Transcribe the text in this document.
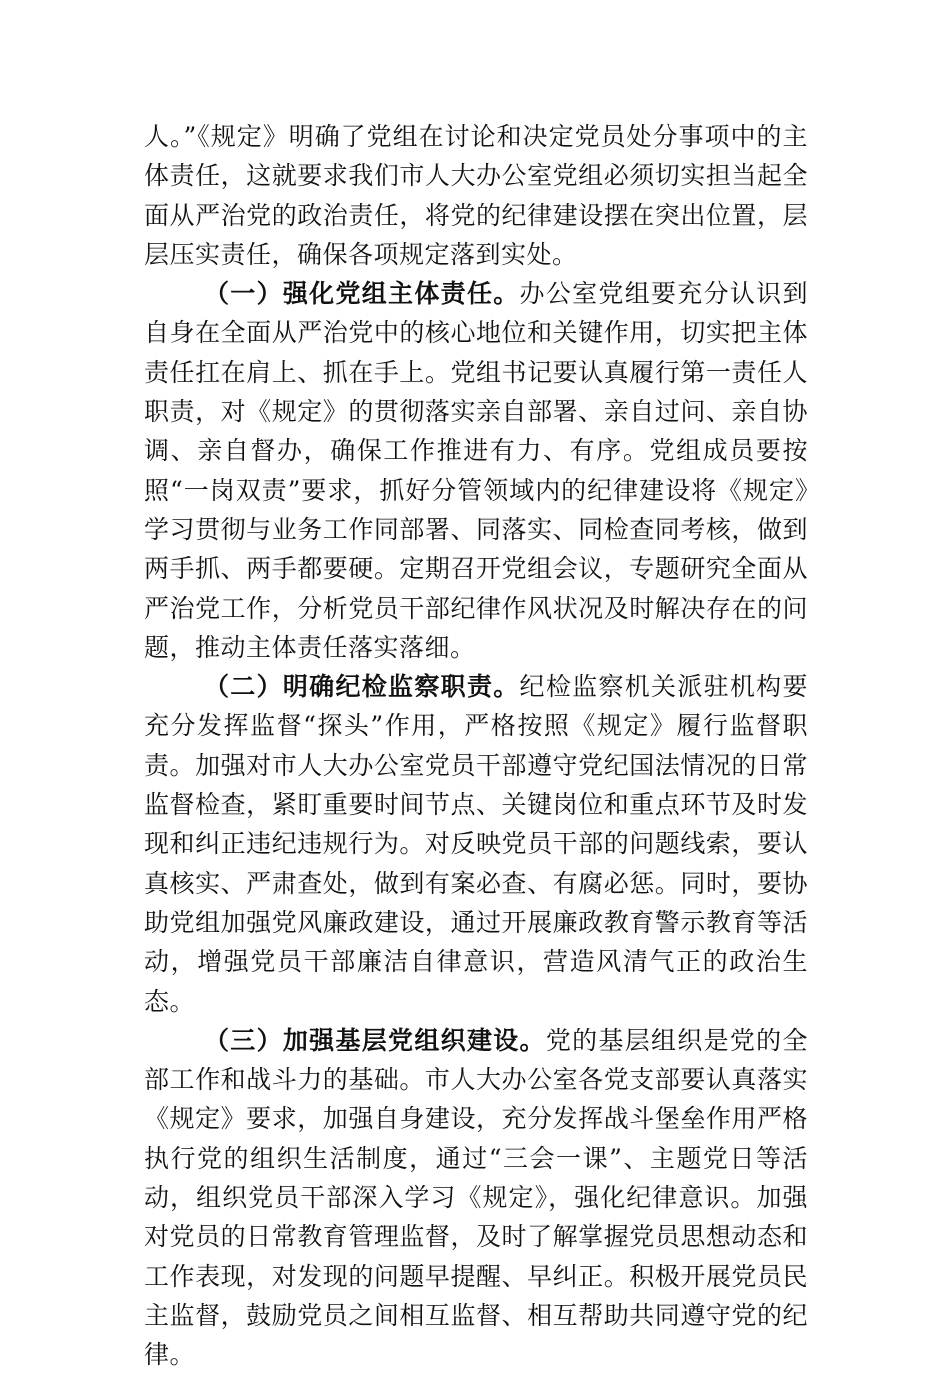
人。”《规定》明确了党组在讨论和决定党员处分事项中的主体责任，这就要求我们市人大办公室党组必须切实担当起全面从严治党的政治责任，将党的纪律建设摆在突出位置，层层压实责任，确保各项规定落到实处。

（一）强化党组主体责任。办公室党组要充分认识到自身在全面从严治党中的核心地位和关键作用，切实把主体责任扛在肩上、抓在手上。党组书记要认真履行第一责任人职责，对《规定》的贯彻落实亲自部署、亲自过问、亲自协调、亲自督办，确保工作推进有力、有序。党组成员要按照“一岗双责”要求，抓好分管领域内的纪律建设将《规定》学习贯彻与业务工作同部署、同落实、同检查同考核，做到两手抓、两手都要硬。定期召开党组会议，专题研究全面从严治党工作，分析党员干部纪律作风状况及时解决存在的问题，推动主体责任落实落细。

（二）明确纪检监察职责。纪检监察机关派驻机构要充分发挥监督“探头”作用，严格按照《规定》履行监督职责。加强对市人大办公室党员干部遵守党纪国法情况的日常监督检查，紧盯重要时间节点、关键岗位和重点环节及时发现和纠正违纪违规行为。对反映党员干部的问题线索，要认真核实、严肃查处，做到有案必查、有腐必惩。同时，要协助党组加强党风廉政建设，通过开展廉政教育警示教育等活动，增强党员干部廉洁自律意识，营造风清气正的政治生态。

（三）加强基层党组织建设。党的基层组织是党的全部工作和战斗力的基础。市人大办公室各党支部要认真落实《规定》要求，加强自身建设，充分发挥战斗堡垒作用严格执行党的组织生活制度，通过“三会一课”、主题党日等活动，组织党员干部深入学习《规定》，强化纪律意识。加强对党员的日常教育管理监督，及时了解掌握党员思想动态和工作表现，对发现的问题早提醒、早纠正。积极开展党员民主监督，鼓励党员之间相互监督、相互帮助共同遵守党的纪律。
